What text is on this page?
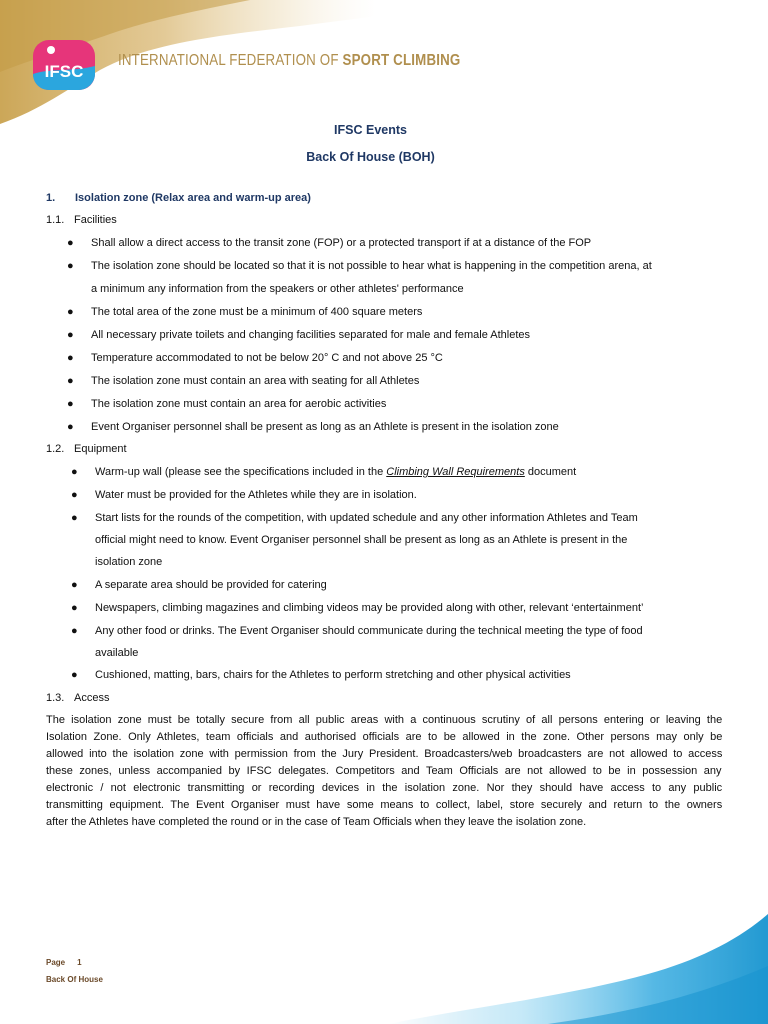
IFSC
INTERNATIONAL FEDERATION OF SPORT CLIMBING
IFSC Events
Back Of House (BOH)
1. Isolation zone (Relax area and warm-up area)
1.1. Facilities
● Shall allow a direct access to the transit zone (FOP) or a protected transport if at a distance of the FOP
● The isolation zone should be located so that it is not possible to hear what is happening in the competition arena, at
a minimum any information from the speakers or other athletes' performance
● The total area of the zone must be a minimum of 400 square meters
● All necessary private toilets and changing facilities separated for male and female Athletes
● Temperature accommodated to not be below 20° C and not above 25 °C
● The isolation zone must contain an area with seating for all Athletes
● The isolation zone must contain an area for aerobic activities
● Event Organiser personnel shall be present as long as an Athlete is present in the isolation zone
1.2. Equipment
● Warm-up wall (please see the specifications included in the Climbing Wall Requirements document
● Water must be provided for the Athletes while they are in isolation.
● Start lists for the rounds of the competition, with updated schedule and any other information Athletes and Team
official might need to know. Event Organiser personnel shall be present as long as an Athlete is present in the
isolation zone
● A separate area should be provided for catering
● Newspapers, climbing magazines and climbing videos may be provided along with other, relevant ‘entertainment’
● Any other food or drinks. The Event Organiser should communicate during the technical meeting the type of food
available
● Cushioned, matting, bars, chairs for the Athletes to perform stretching and other physical activities
1.3. Access
The isolation zone must be totally secure from all public areas with a continuous scrutiny of all persons entering or leaving the
Isolation Zone. Only Athletes, team officials and authorised officials are to be allowed in the zone. Other persons may only be
allowed into the isolation zone with permission from the Jury President. Broadcasters/web broadcasters are not allowed to access
these zones, unless accompanied by IFSC delegates. Competitors and Team Officials are not allowed to be in possession any
electronic / not electronic transmitting or recording devices in the isolation zone. Nor they should have access to any public
transmitting equipment. The Event Organiser must have some means to collect, label, store securely and return to the owners
after the Athletes have completed the round or in the case of Team Officials when they leave the isolation zone.
Page 1
Back Of House
